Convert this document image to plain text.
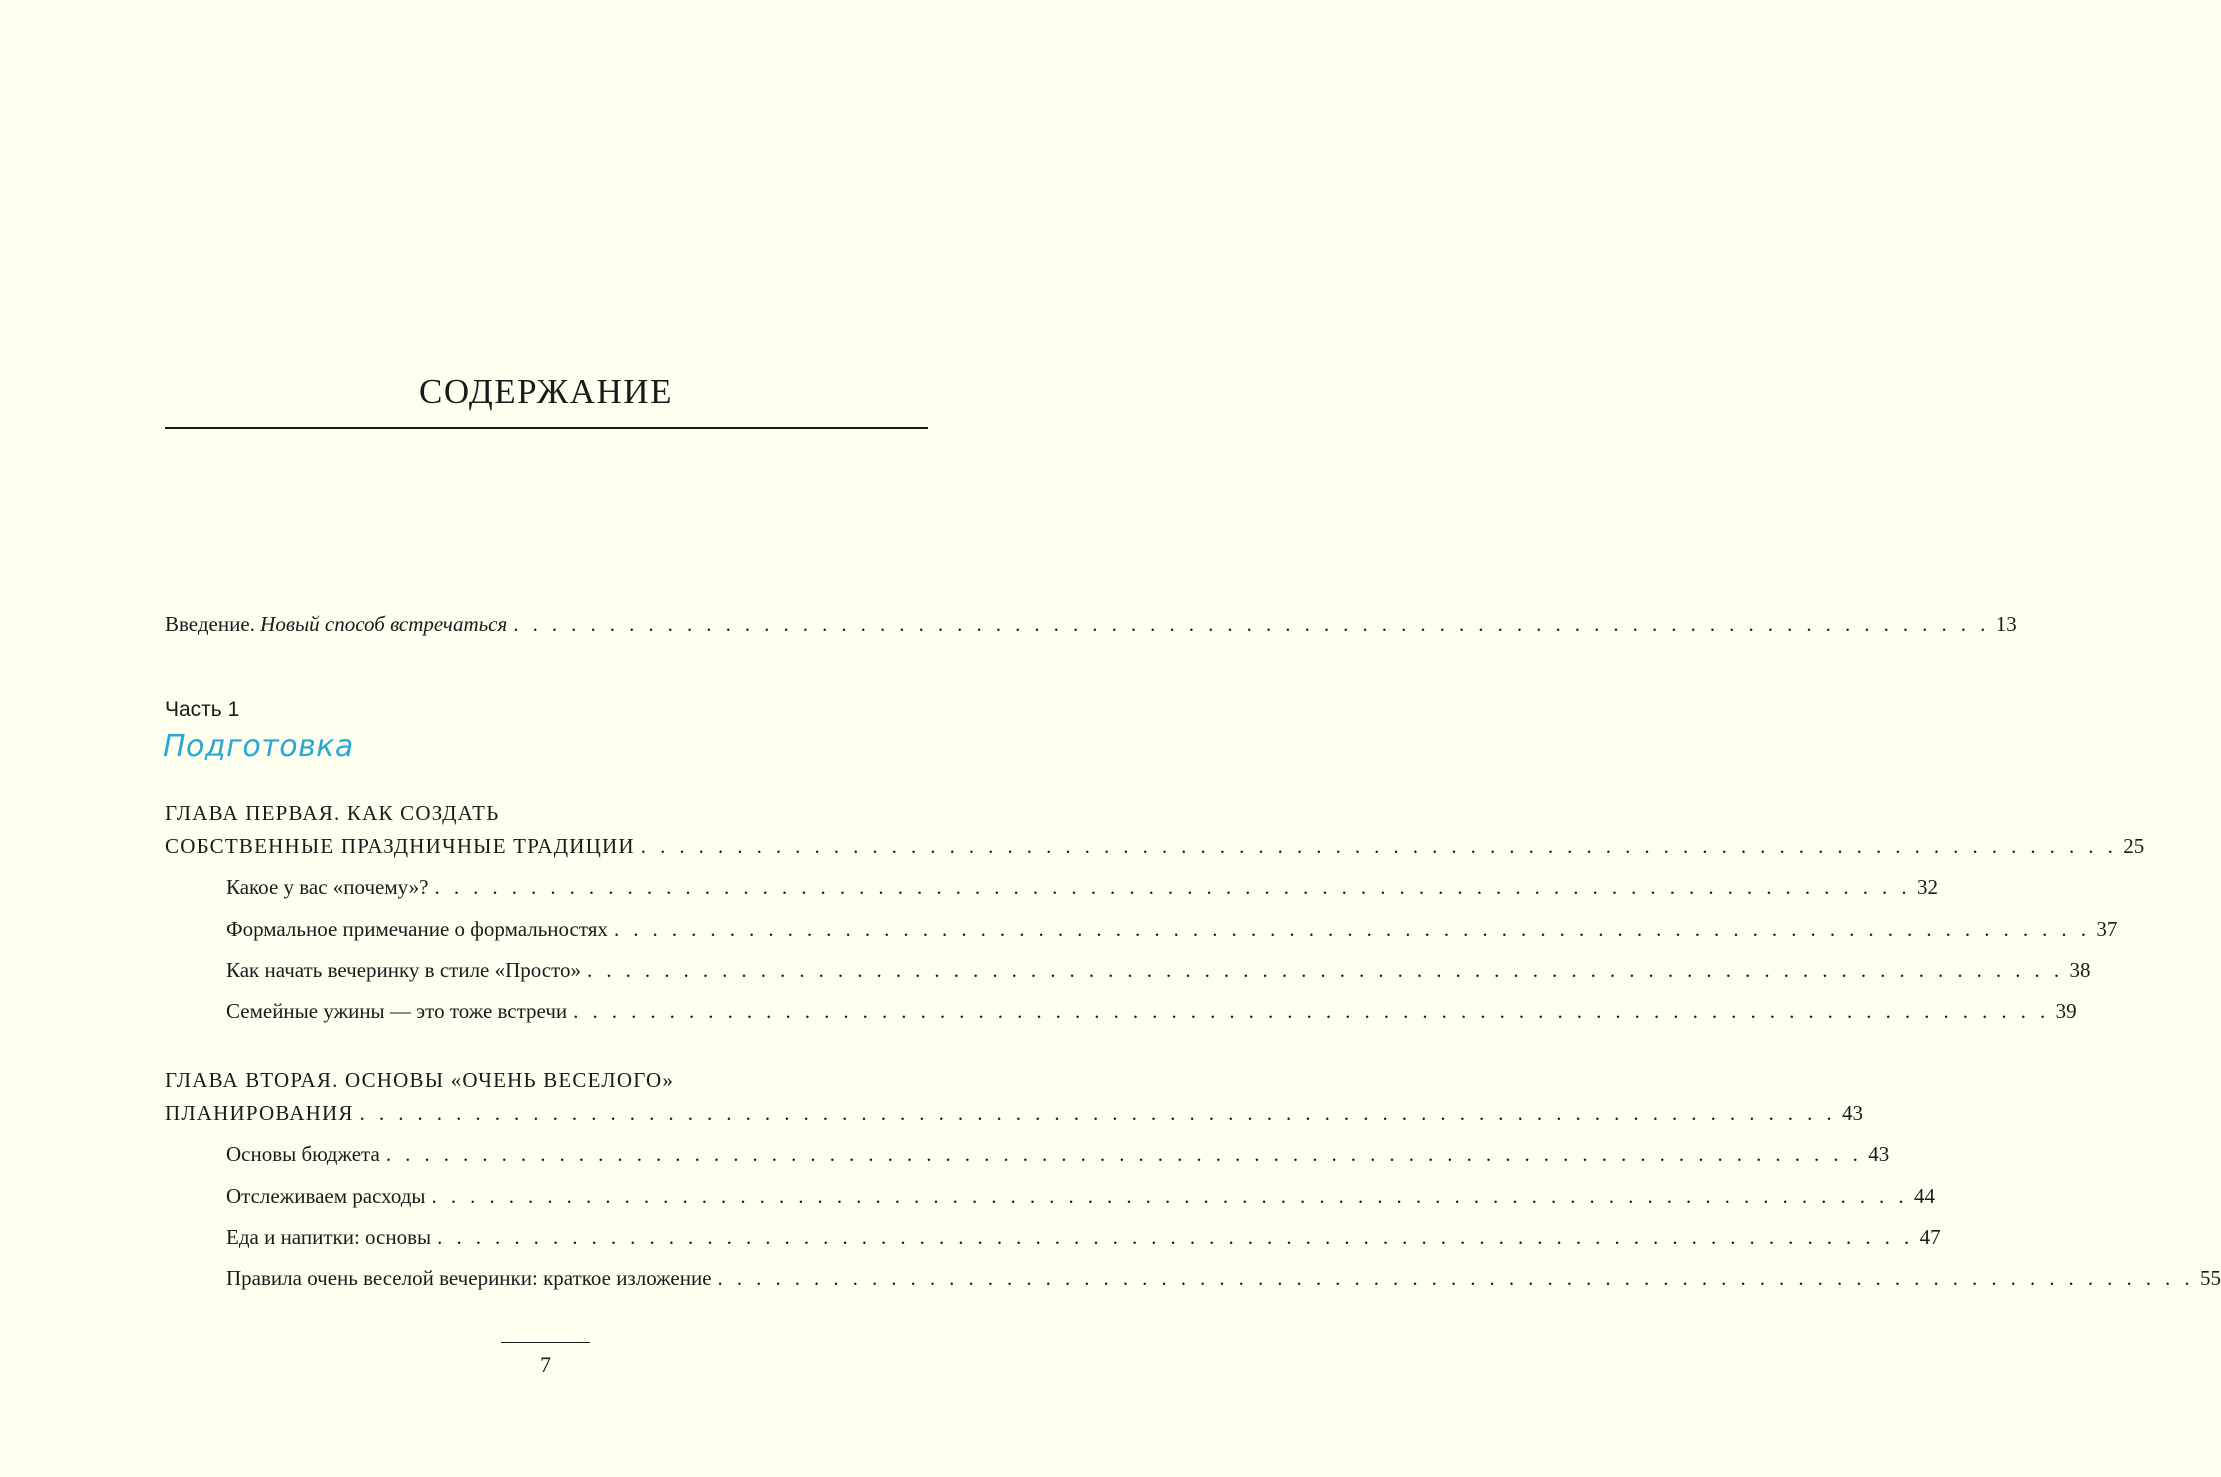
СОДЕРЖАНИЕ
Введение. Новый способ встречаться . . . . . . . . . . . . . . . . . . . . . . . . . . . . . . . . . . . . . . . . . . . . . . . . . . . . . . . . . . . . . . . . . . . . . . . . . . . . . 13
Часть 1
Подготовка
ГЛАВА ПЕРВАЯ. КАК СОЗДАТЬ
СОБСТВЕННЫЕ ПРАЗДНИЧНЫЕ ТРАДИЦИИ . . . . . . . . . . . . . . . . . . . . . . . . . . . . . . . . . . . . . . . . . . . . . . . . . . . . . . . . . . . . . . . . . . . . . . . . . . . . . 25
Какое у вас «почему»? . . . . . . . . . . . . . . . . . . . . . . . . . . . . . . . . . . . . . . . . . . . . . . . . . . . . . . . . . . . . . . . . . . . . . . . . . . . . . 32
Формальное примечание о формальностях . . . . . . . . . . . . . . . . . . . . . . . . . . . . . . . . . . . . . . . . . . . . . . . . . . . . . . . . . . . . . . . . . . . . . . . . . . . . . 37
Как начать вечеринку в стиле «Просто» . . . . . . . . . . . . . . . . . . . . . . . . . . . . . . . . . . . . . . . . . . . . . . . . . . . . . . . . . . . . . . . . . . . . . . . . . . . . . 38
Семейные ужины — это тоже встречи . . . . . . . . . . . . . . . . . . . . . . . . . . . . . . . . . . . . . . . . . . . . . . . . . . . . . . . . . . . . . . . . . . . . . . . . . . . . . 39
ГЛАВА ВТОРАЯ. ОСНОВЫ «ОЧЕНЬ ВЕСЕЛОГО»
ПЛАНИРОВАНИЯ . . . . . . . . . . . . . . . . . . . . . . . . . . . . . . . . . . . . . . . . . . . . . . . . . . . . . . . . . . . . . . . . . . . . . . . . . . . . . 43
Основы бюджета . . . . . . . . . . . . . . . . . . . . . . . . . . . . . . . . . . . . . . . . . . . . . . . . . . . . . . . . . . . . . . . . . . . . . . . . . . . . . 43
Отслеживаем расходы . . . . . . . . . . . . . . . . . . . . . . . . . . . . . . . . . . . . . . . . . . . . . . . . . . . . . . . . . . . . . . . . . . . . . . . . . . . . . 44
Еда и напитки: основы . . . . . . . . . . . . . . . . . . . . . . . . . . . . . . . . . . . . . . . . . . . . . . . . . . . . . . . . . . . . . . . . . . . . . . . . . . . . . 47
Правила очень веселой вечеринки: краткое изложение . . . . . . . . . . . . . . . . . . . . . . . . . . . . . . . . . . . . . . . . . . . . . . . . . . . . . . . . . . . . . . . . . . . . . . . . . . . . . 55
7
